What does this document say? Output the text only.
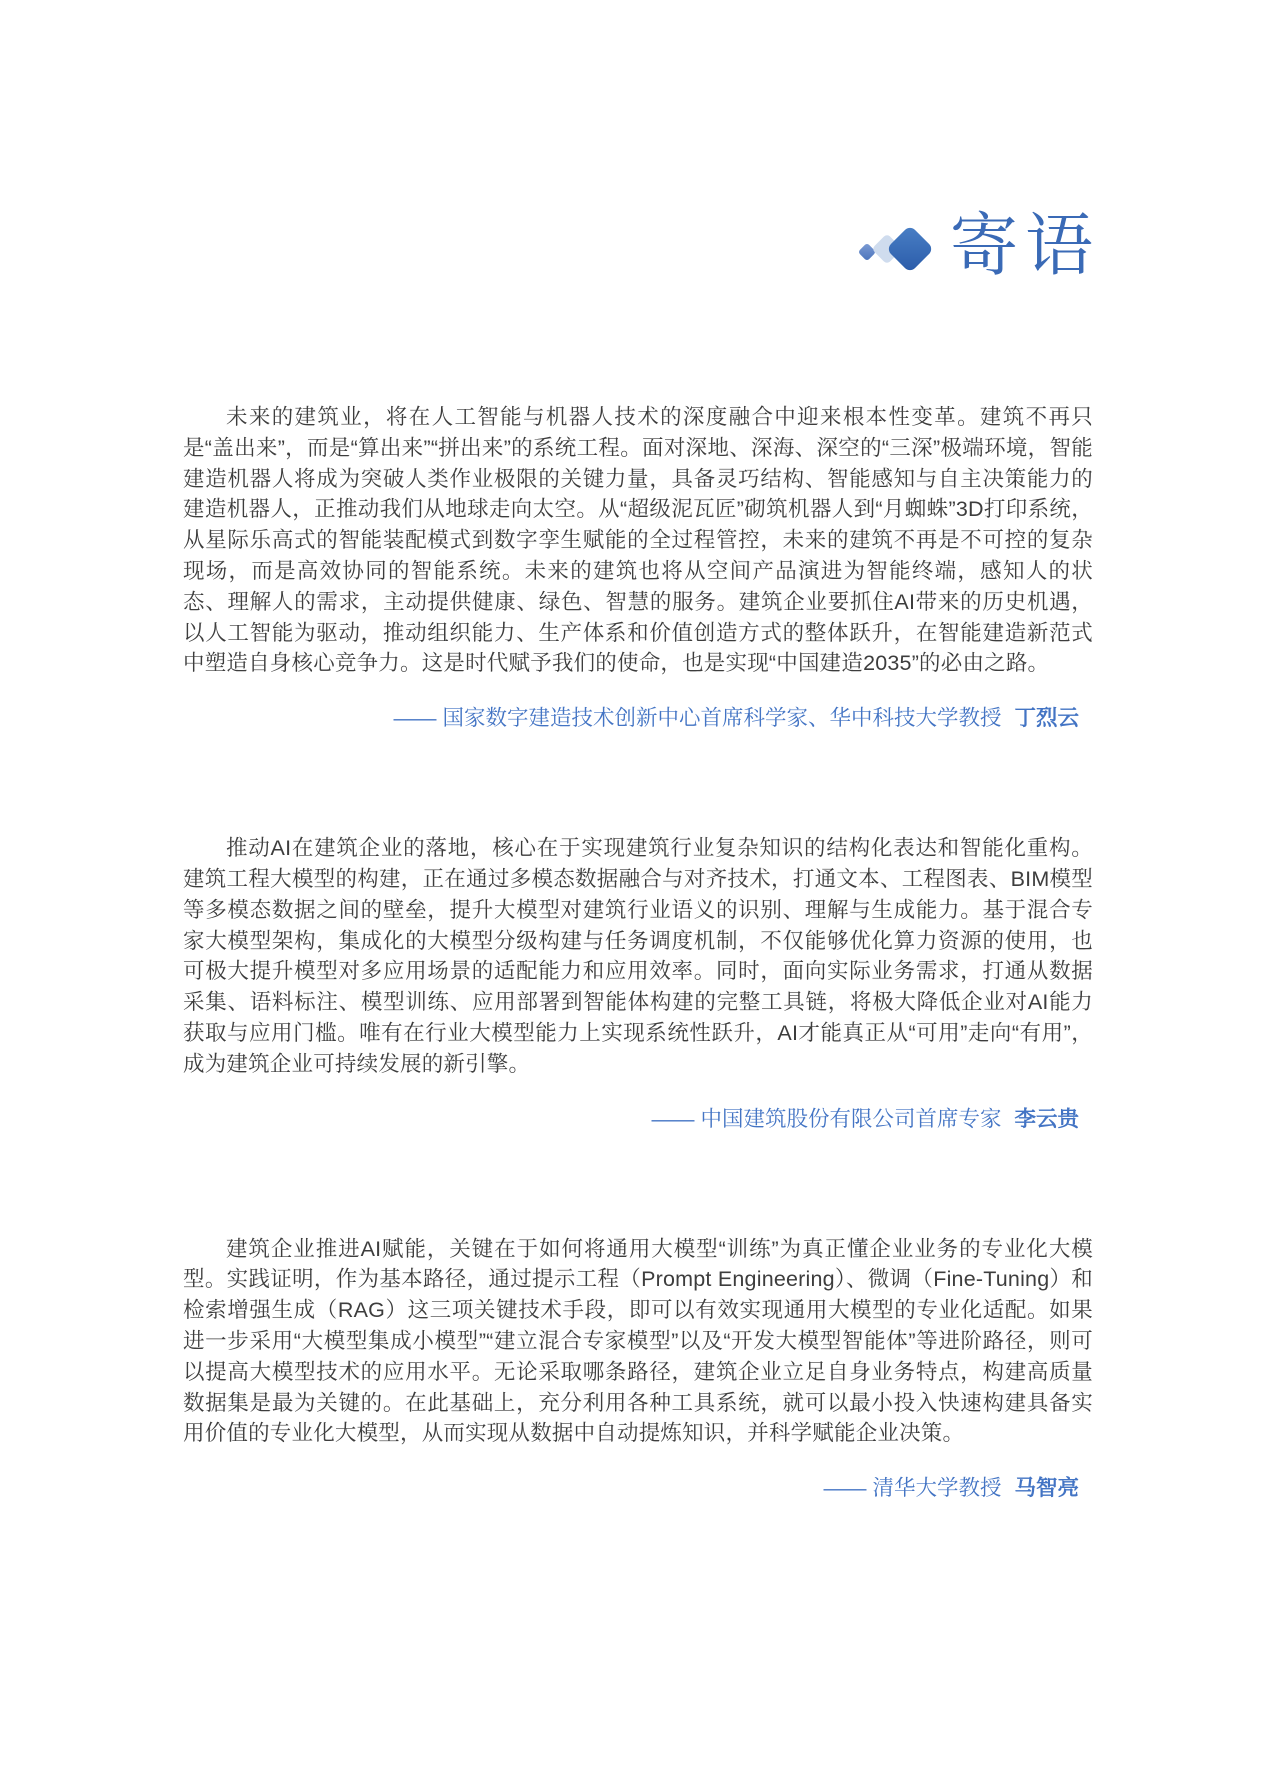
寄语

未来的建筑业，将在人工智能与机器人技术的深度融合中迎来根本性变革。建筑不再只是“盖出来”，而是“算出来”“拼出来”的系统工程。面对深地、深海、深空的“三深”极端环境，智能建造机器人将成为突破人类作业极限的关键力量，具备灵巧结构、智能感知与自主决策能力的建造机器人，正推动我们从地球走向太空。从“超级泥瓦匠”砌筑机器人到“月蜘蛛”3D打印系统，从星际乐高式的智能装配模式到数字孪生赋能的全过程管控，未来的建筑不再是不可控的复杂现场，而是高效协同的智能系统。未来的建筑也将从空间产品演进为智能终端，感知人的状态、理解人的需求，主动提供健康、绿色、智慧的服务。建筑企业要抓住AI带来的历史机遇，以人工智能为驱动，推动组织能力、生产体系和价值创造方式的整体跃升，在智能建造新范式中塑造自身核心竞争力。这是时代赋予我们的使命，也是实现“中国建造2035”的必由之路。

—— 国家数字建造技术创新中心首席科学家、华中科技大学教授 丁烈云

推动AI在建筑企业的落地，核心在于实现建筑行业复杂知识的结构化表达和智能化重构。建筑工程大模型的构建，正在通过多模态数据融合与对齐技术，打通文本、工程图表、BIM模型等多模态数据之间的壁垒，提升大模型对建筑行业语义的识别、理解与生成能力。基于混合专家大模型架构，集成化的大模型分级构建与任务调度机制，不仅能够优化算力资源的使用，也可极大提升模型对多应用场景的适配能力和应用效率。同时，面向实际业务需求，打通从数据采集、语料标注、模型训练、应用部署到智能体构建的完整工具链，将极大降低企业对AI能力获取与应用门槛。唯有在行业大模型能力上实现系统性跃升，AI才能真正从“可用”走向“有用”，成为建筑企业可持续发展的新引擎。

—— 中国建筑股份有限公司首席专家 李云贵

建筑企业推进AI赋能，关键在于如何将通用大模型“训练”为真正懂企业业务的专业化大模型。实践证明，作为基本路径，通过提示工程（Prompt Engineering）、微调（Fine-Tuning）和检索增强生成（RAG）这三项关键技术手段，即可以有效实现通用大模型的专业化适配。如果进一步采用“大模型集成小模型”“建立混合专家模型”以及“开发大模型智能体”等进阶路径，则可以提高大模型技术的应用水平。无论采取哪条路径，建筑企业立足自身业务特点，构建高质量数据集是最为关键的。在此基础上，充分利用各种工具系统，就可以最小投入快速构建具备实用价值的专业化大模型，从而实现从数据中自动提炼知识，并科学赋能企业决策。

—— 清华大学教授 马智亮
